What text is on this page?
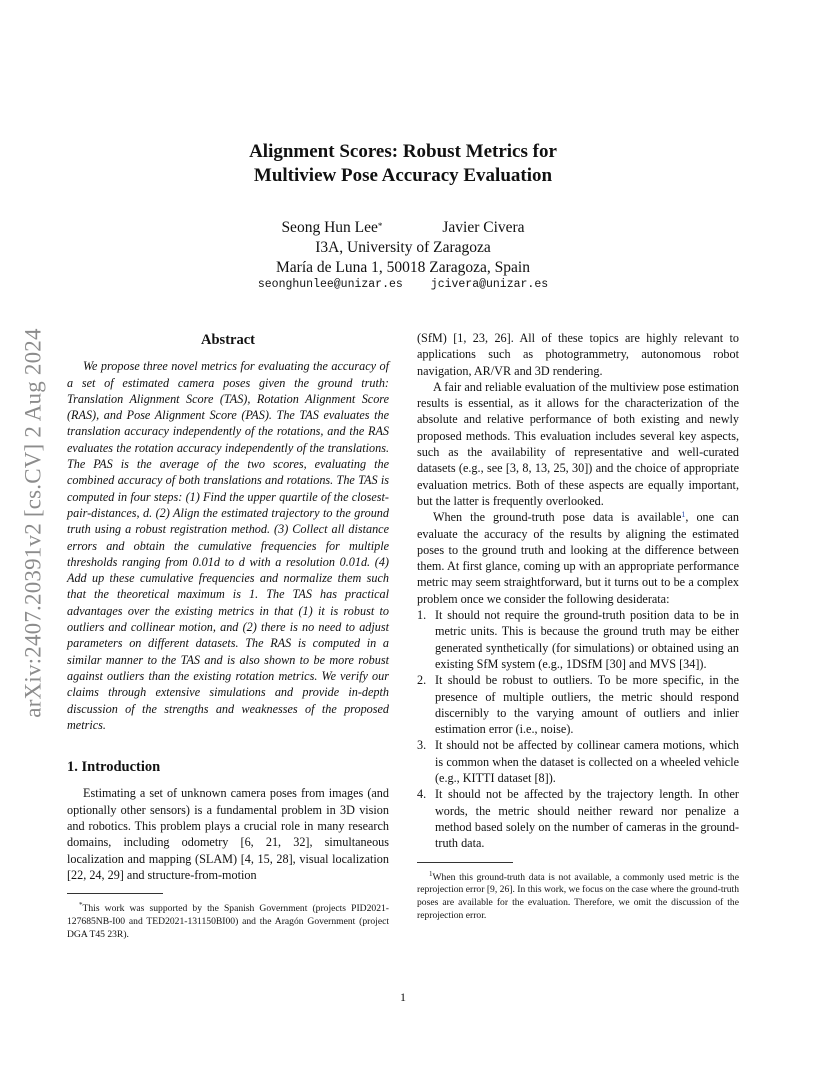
arXiv:2407.20391v2 [cs.CV] 2 Aug 2024
Alignment Scores: Robust Metrics for
Multiview Pose Accuracy Evaluation
Seong Hun Lee*	Javier Civera
I3A, University of Zaragoza
María de Luna 1, 50018 Zaragoza, Spain
seonghunlee@unizar.es jcivera@unizar.es
Abstract

We propose three novel metrics for evaluating the accuracy of a set of estimated camera poses given the ground truth: Translation Alignment Score (TAS), Rotation Alignment Score (RAS), and Pose Alignment Score (PAS). The TAS evaluates the translation accuracy independently of the rotations, and the RAS evaluates the rotation accuracy independently of the translations. The PAS is the average of the two scores, evaluating the combined accuracy of both translations and rotations. The TAS is computed in four steps: (1) Find the upper quartile of the closest-pair-distances, d. (2) Align the estimated trajectory to the ground truth using a robust registration method. (3) Collect all distance errors and obtain the cumulative frequencies for multiple thresholds ranging from 0.01d to d with a resolution 0.01d. (4) Add up these cumulative frequencies and normalize them such that the theoretical maximum is 1. The TAS has practical advantages over the existing metrics in that (1) it is robust to outliers and collinear motion, and (2) there is no need to adjust parameters on different datasets. The RAS is computed in a similar manner to the TAS and is also shown to be more robust against outliers than the existing rotation metrics. We verify our claims through extensive simulations and provide in-depth discussion of the strengths and weaknesses of the proposed metrics.

1. Introduction

Estimating a set of unknown camera poses from images (and optionally other sensors) is a fundamental problem in 3D vision and robotics. This problem plays a crucial role in many research domains, including odometry [6, 21, 32], simultaneous localization and mapping (SLAM) [4, 15, 28], visual localization [22, 24, 29] and structure-from-motion

*This work was supported by the Spanish Government (projects PID2021-127685NB-I00 and TED2021-131150BI00) and the Aragón Government (project DGA T45 23R).

(SfM) [1, 23, 26]. All of these topics are highly relevant to applications such as photogrammetry, autonomous robot navigation, AR/VR and 3D rendering.

A fair and reliable evaluation of the multiview pose estimation results is essential, as it allows for the characterization of the absolute and relative performance of both existing and newly proposed methods. This evaluation includes several key aspects, such as the availability of representative and well-curated datasets (e.g., see [3, 8, 13, 25, 30]) and the choice of appropriate evaluation metrics. Both of these aspects are equally important, but the latter is frequently overlooked.

When the ground-truth pose data is available$^1$, one can evaluate the accuracy of the results by aligning the estimated poses to the ground truth and looking at the difference between them. At first glance, coming up with an appropriate performance metric may seem straightforward, but it turns out to be a complex problem once we consider the following desiderata:

1. It should not require the ground-truth position data to be in metric units. This is because the ground truth may be either generated synthetically (for simulations) or obtained using an existing SfM system (e.g., 1DSfM [30] and MVS [34]).
2. It should be robust to outliers. To be more specific, in the presence of multiple outliers, the metric should respond discernibly to the varying amount of outliers and inlier estimation error (i.e., noise).
3. It should not be affected by collinear camera motions, which is common when the dataset is collected on a wheeled vehicle (e.g., KITTI dataset [8]).
4. It should not be affected by the trajectory length. In other words, the metric should neither reward nor penalize a method based solely on the number of cameras in the ground-truth data.
$^1$When this ground-truth data is not available, a commonly used metric is the reprojection error [9, 26]. In this work, we focus on the case where the ground-truth poses are available for the evaluation. Therefore, we omit the discussion of the reprojection error.
1
